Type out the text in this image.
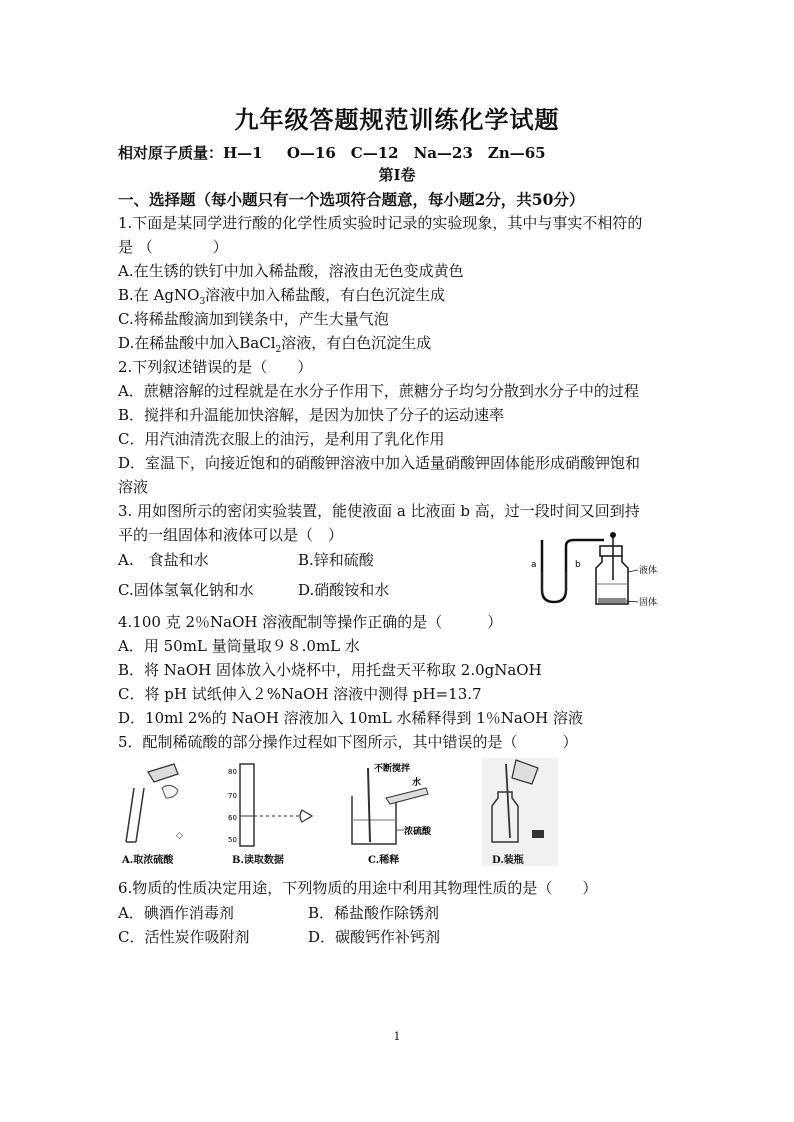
九年级答题规范训练化学试题
相对原子质量：H—1　 O—16　C—12　Na—23　Zn—65
第Ⅰ卷
一、选择题（每小题只有一个选项符合题意，每小题2分，共50分）
1.下面是某同学进行酸的化学性质实验时记录的实验现象，其中与事实不相符的
是 （　　　　）
A.在生锈的铁钉中加入稀盐酸，溶液由无色变成黄色
B.在 AgNO$_3$溶液中加入稀盐酸，有白色沉淀生成
C.将稀盐酸滴加到镁条中，产生大量气泡
D.在稀盐酸中加入BaCl$_2$溶液，有白色沉淀生成
2.下列叙述错误的是（　　）
A．蔗糖溶解的过程就是在水分子作用下，蔗糖分子均匀分散到水分子中的过程
B．搅拌和升温能加快溶解，是因为加快了分子的运动速率
C．用汽油清洗衣服上的油污，是利用了乳化作用
D．室温下，向接近饱和的硝酸钾溶液中加入适量硝酸钾固体能形成硝酸钾饱和
溶液
3. 用如图所示的密闭实验装置，能使液面 a 比液面 b 高，过一段时间又回到持
平的一组固体和液体可以是（　）
A.　食盐和水	B.锌和硫酸
C.固体氢氧化钠和水	D.硝酸铵和水
a	b
液体
固体
4.100 克 2％NaOH 溶液配制等操作正确的是（　　　）
A．用 50mL 量筒量取９８.0mL 水
B．将 NaOH 固体放入小烧杯中，用托盘天平称取 2.0gNaOH
C．将 pH 试纸伸入２%NaOH 溶液中测得 pH=13.7
D．10ml 2%的 NaOH 溶液加入 10mL 水稀释得到 1％NaOH 溶液
5．配制稀硫酸的部分操作过程如下图所示，其中错误的是（　　　）
◇
A.取浓硫酸
80
70
60
50
B.读取数据
不断搅拌
水
浓硫酸
C.稀释	D.装瓶
6.物质的性质决定用途，下列物质的用途中利用其物理性质的是（　　）
A．碘酒作消毒剂	B．稀盐酸作除锈剂
C．活性炭作吸附剂	D．碳酸钙作补钙剂
1
